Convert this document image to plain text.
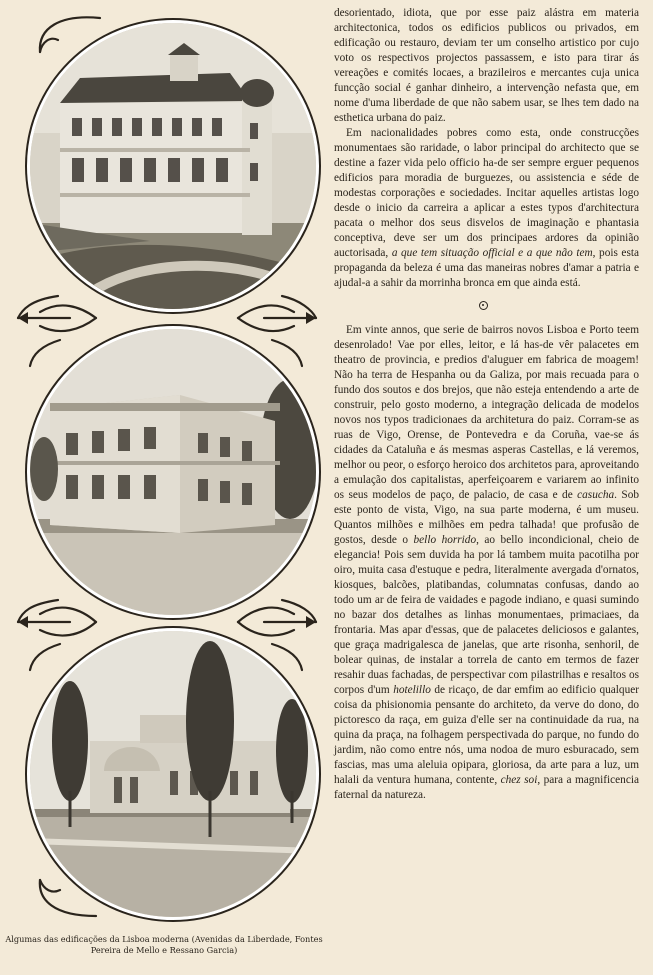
Algumas das edificações da Lisboa moderna (Avenidas da Liberdade, Fontes Pereira de Mello e Ressano Garcia)

desorientado, idiota, que por esse paiz alástra em materia architectonica, todos os edificios publicos ou privados, em edificação ou restauro, deviam ter um conselho artistico por cujo voto os respectivos projectos passassem, e isto para tirar ás vereações e comités locaes, a brazileiros e mercantes cuja unica funcção social é ganhar dinheiro, a intervenção nefasta que, em nome d'uma liberdade de que não sabem usar, se lhes tem dado na esthetica urbana do paiz.

Em nacionalidades pobres como esta, onde construcções monumentaes são raridade, o labor principal do architecto que se destine a fazer vida pelo officio ha-de ser sempre erguer pequenos edificios para moradia de burguezes, ou assistencia e séde de modestas corporações e sociedades. Incitar aquelles artistas logo desde o inicio da carreira a aplicar a estes typos d'architectura pacata o melhor dos seus disvelos de imaginação e phantasia conceptiva, deve ser um dos principaes ardores da opinião auctorisada, a que tem situação official e a que não tem, pois esta propaganda da beleza é uma das maneiras nobres d'amar a patria e ajudal-a a sahir da morrinha bronca em que ainda está.

Em vinte annos, que serie de bairros novos Lisboa e Porto teem desenrolado! Vae por elles, leitor, e lá has-de vêr palacetes em theatro de provincia, e predios d'aluguer em fabrica de moagem! Não ha terra de Hespanha ou da Galiza, por mais recuada para o fundo dos soutos e dos brejos, que não esteja entendendo a arte de construir, pelo gosto moderno, a integração delicada de modelos novos nos typos tradicionaes da architetura do paiz. Corram-se as ruas de Vigo, Orense, de Pontevedra e da Coruña, vae-se ás cidades da Cataluña e ás mesmas asperas Castellas, e lá veremos, melhor ou peor, o esforço heroico dos architetos para, aproveitando a emulação dos capitalistas, aperfeiçoarem e variarem ao infinito os seus modelos de paço, de palacio, de casa e de casucha. Sob este ponto de vista, Vigo, na sua parte moderna, é um museu. Quantos milhões e milhões em pedra talhada! que profusão de gostos, desde o bello horrido, ao bello incondicional, cheio de elegancia! Pois sem duvida ha por lá tambem muita pacotilha por oiro, muita casa d'estuque e pedra, literalmente avergada d'ornatos, kiosques, balcões, platibandas, columnatas confusas, dando ao todo um ar de feira de vaidades e pagode indiano, e quasi sumindo no bazar dos detalhes as linhas monumentaes, primaciaes, da frontaria. Mas apar d'essas, que de palacetes deliciosos e galantes, que graça madrigalesca de janelas, que arte risonha, senhoril, de bolear quinas, de instalar a torrela de canto em termos de fazer resahir duas fachadas, de perspectivar com pilastrilhas e resaltos os corpos d'um hotelillo de ricaço, de dar emfim ao edificio qualquer coisa da phisionomia pensante do architeto, da verve do dono, do pictoresco da raça, em guiza d'elle ser na continuidade da rua, na quina da praça, na folhagem perspectivada do parque, no fundo do jardim, não como entre nós, uma nodoa de muro esburacado, sem fascias, mas uma aleluia opipara, gloriosa, da arte para a luz, um halali da ventura humana, contente, chez soi, para a magnificencia faternal da natureza.
